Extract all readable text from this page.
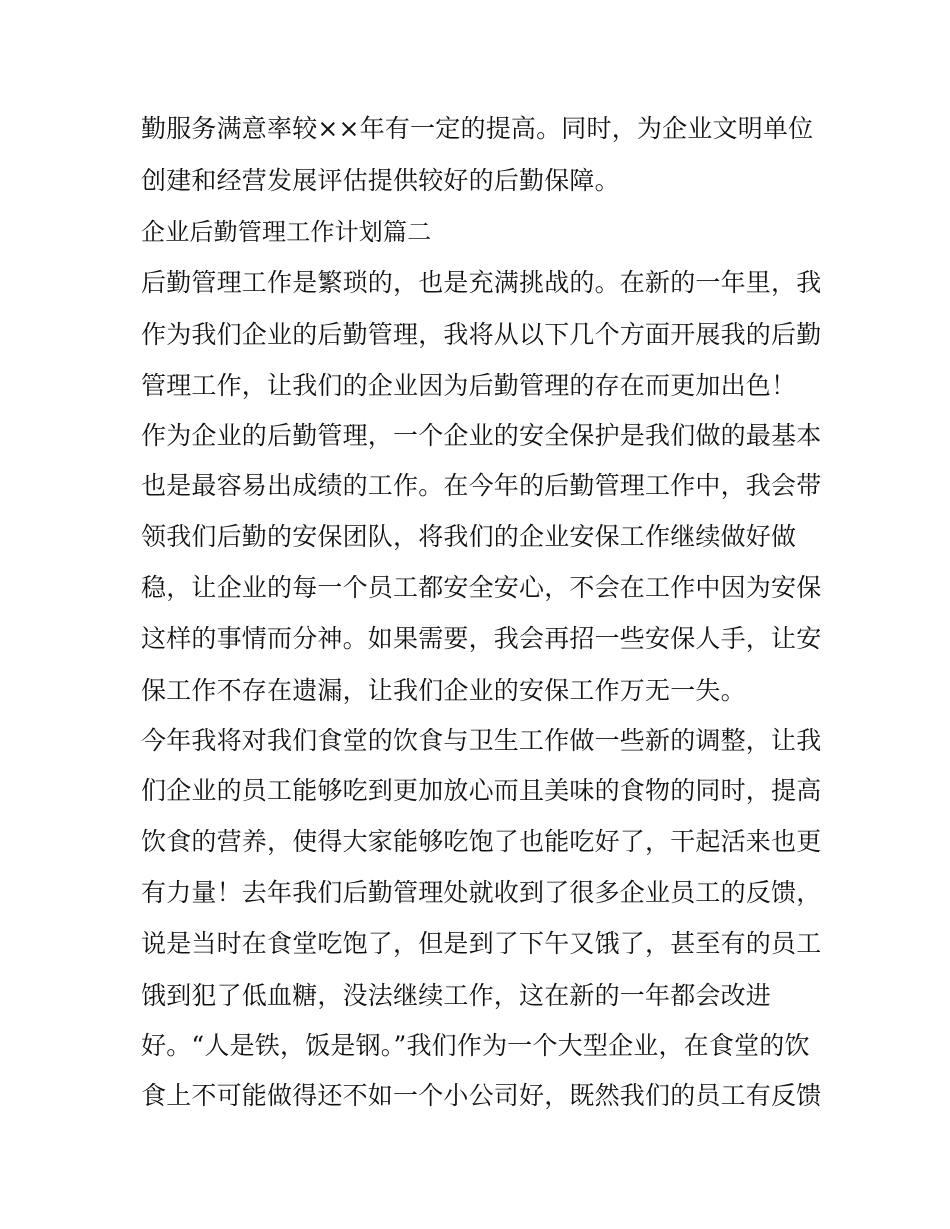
勤服务满意率较××年有一定的提高。同时，为企业文明单位
创建和经营发展评估提供较好的后勤保障。
企业后勤管理工作计划篇二
后勤管理工作是繁琐的，也是充满挑战的。在新的一年里，我
作为我们企业的后勤管理，我将从以下几个方面开展我的后勤
管理工作，让我们的企业因为后勤管理的存在而更加出色！
作为企业的后勤管理，一个企业的安全保护是我们做的最基本
也是最容易出成绩的工作。在今年的后勤管理工作中，我会带
领我们后勤的安保团队，将我们的企业安保工作继续做好做
稳，让企业的每一个员工都安全安心，不会在工作中因为安保
这样的事情而分神。如果需要，我会再招一些安保人手，让安
保工作不存在遗漏，让我们企业的安保工作万无一失。
今年我将对我们食堂的饮食与卫生工作做一些新的调整，让我
们企业的员工能够吃到更加放心而且美味的食物的同时，提高
饮食的营养，使得大家能够吃饱了也能吃好了，干起活来也更
有力量！去年我们后勤管理处就收到了很多企业员工的反馈，
说是当时在食堂吃饱了，但是到了下午又饿了，甚至有的员工
饿到犯了低血糖，没法继续工作，这在新的一年都会改进
好。“人是铁，饭是钢。”我们作为一个大型企业，在食堂的饮
食上不可能做得还不如一个小公司好，既然我们的员工有反馈
